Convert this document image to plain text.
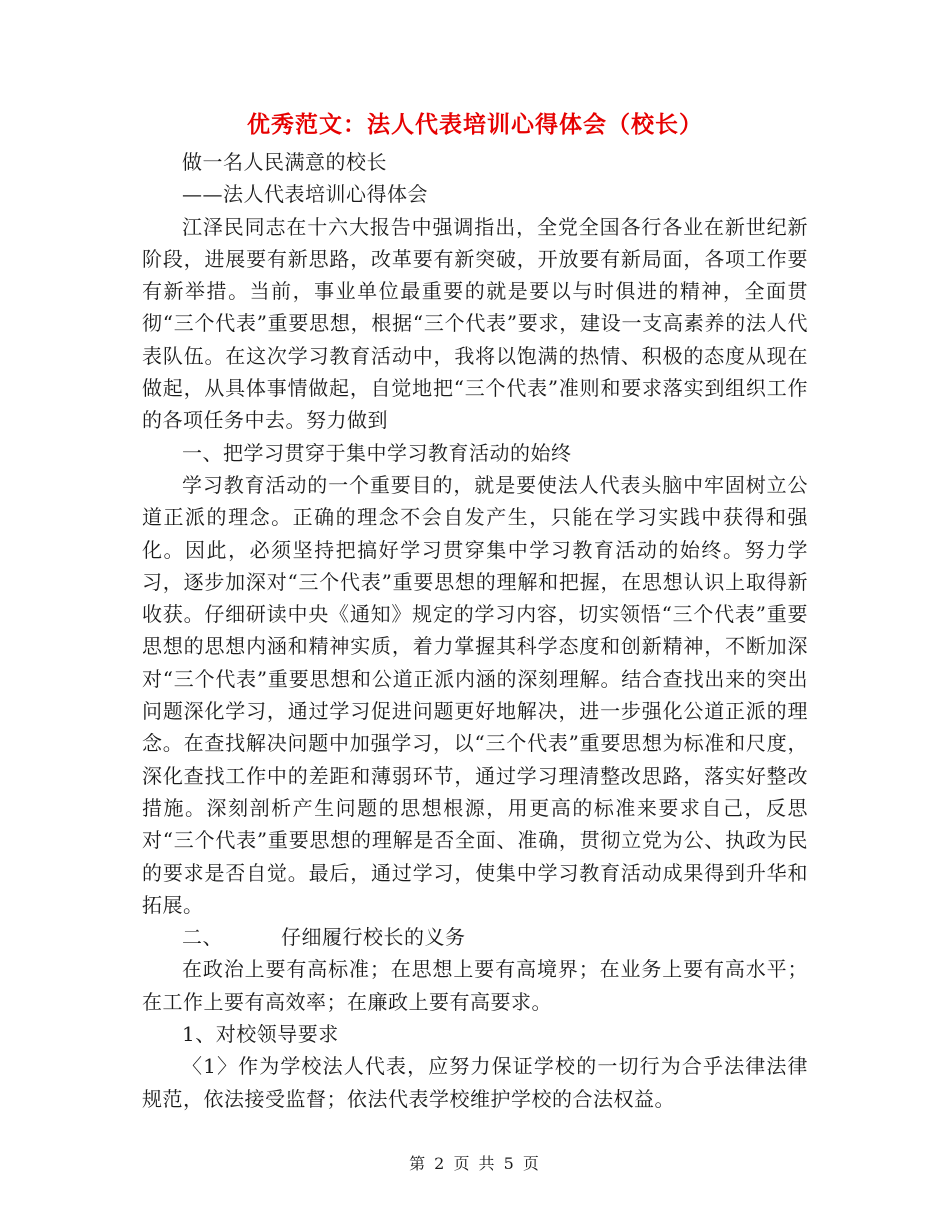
优秀范文：法人代表培训心得体会（校长）

做一名人民满意的校长

——法人代表培训心得体会

江泽民同志在十六大报告中强调指出，全党全国各行各业在新世纪新阶段，进展要有新思路，改革要有新突破，开放要有新局面，各项工作要有新举措。当前，事业单位最重要的就是要以与时俱进的精神，全面贯彻“三个代表”重要思想，根据“三个代表”要求，建设一支高素养的法人代表队伍。在这次学习教育活动中，我将以饱满的热情、积极的态度从现在做起，从具体事情做起，自觉地把“三个代表”准则和要求落实到组织工作的各项任务中去。努力做到

一、把学习贯穿于集中学习教育活动的始终

学习教育活动的一个重要目的，就是要使法人代表头脑中牢固树立公道正派的理念。正确的理念不会自发产生，只能在学习实践中获得和强化。因此，必须坚持把搞好学习贯穿集中学习教育活动的始终。努力学习，逐步加深对“三个代表”重要思想的理解和把握，在思想认识上取得新收获。仔细研读中央《通知》规定的学习内容，切实领悟“三个代表”重要思想的思想内涵和精神实质，着力掌握其科学态度和创新精神，不断加深对“三个代表”重要思想和公道正派内涵的深刻理解。结合查找出来的突出问题深化学习，通过学习促进问题更好地解决，进一步强化公道正派的理念。在查找解决问题中加强学习，以“三个代表”重要思想为标准和尺度，深化查找工作中的差距和薄弱环节，通过学习理清整改思路，落实好整改措施。深刻剖析产生问题的思想根源，用更高的标准来要求自己，反思对“三个代表”重要思想的理解是否全面、准确，贯彻立党为公、执政为民的要求是否自觉。最后，通过学习，使集中学习教育活动成果得到升华和拓展。

二、	仔细履行校长的义务

在政治上要有高标准；在思想上要有高境界；在业务上要有高水平；在工作上要有高效率；在廉政上要有高要求。

1、对校领导要求

〈1〉作为学校法人代表，应努力保证学校的一切行为合乎法律法律规范，依法接受监督；依法代表学校维护学校的合法权益。

第 2 页 共 5 页
